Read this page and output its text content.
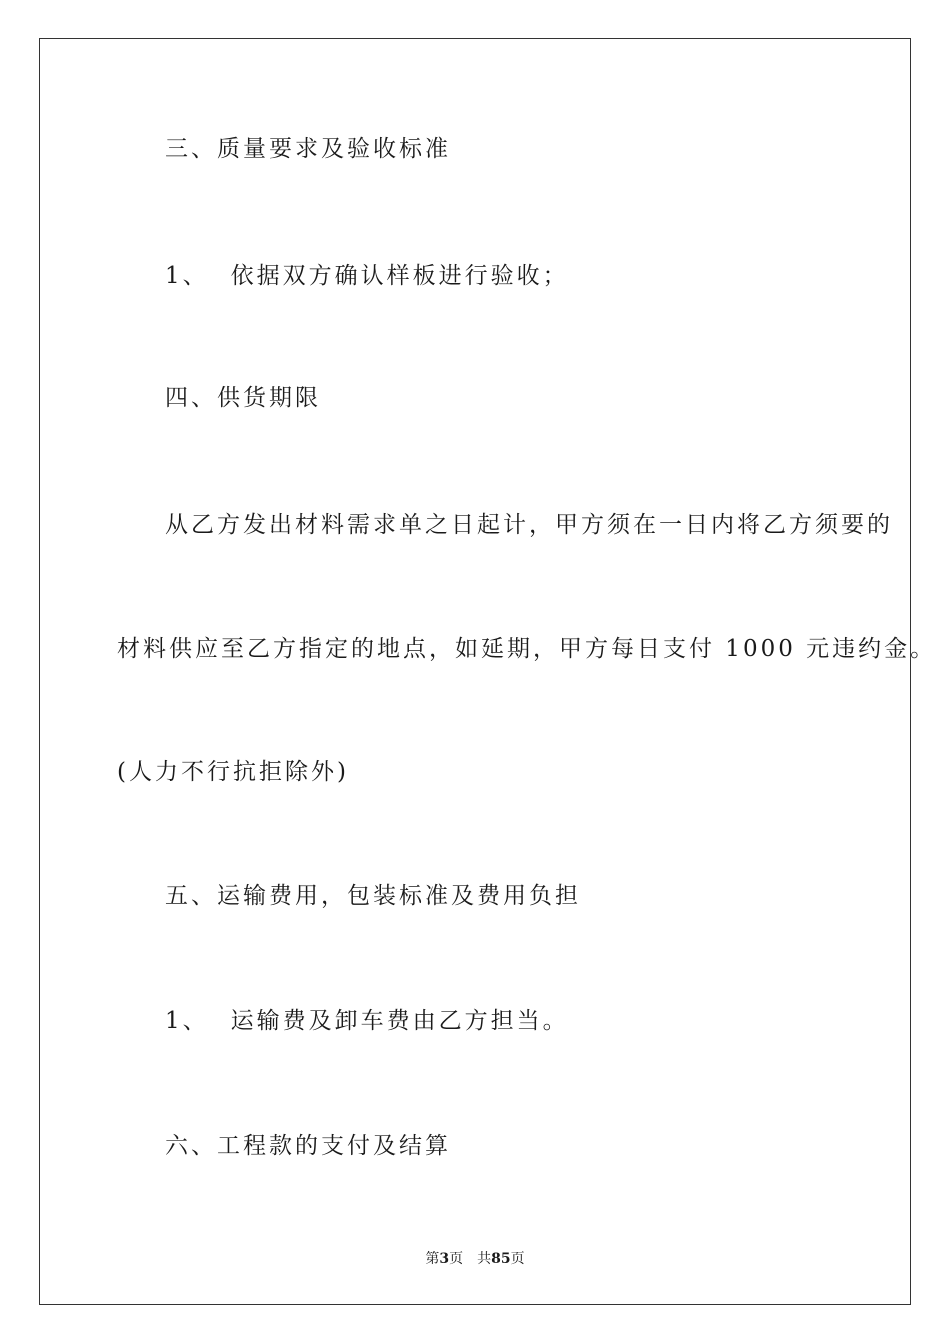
三、质量要求及验收标准
1、 依据双方确认样板进行验收；
四、供货期限
从乙方发出材料需求单之日起计，甲方须在一日内将乙方须要的
材料供应至乙方指定的地点，如延期，甲方每日支付 1000 元违约金。
(人力不行抗拒除外)
五、运输费用，包装标准及费用负担
1、 运输费及卸车费由乙方担当。
六、工程款的支付及结算
第3页 共85页
